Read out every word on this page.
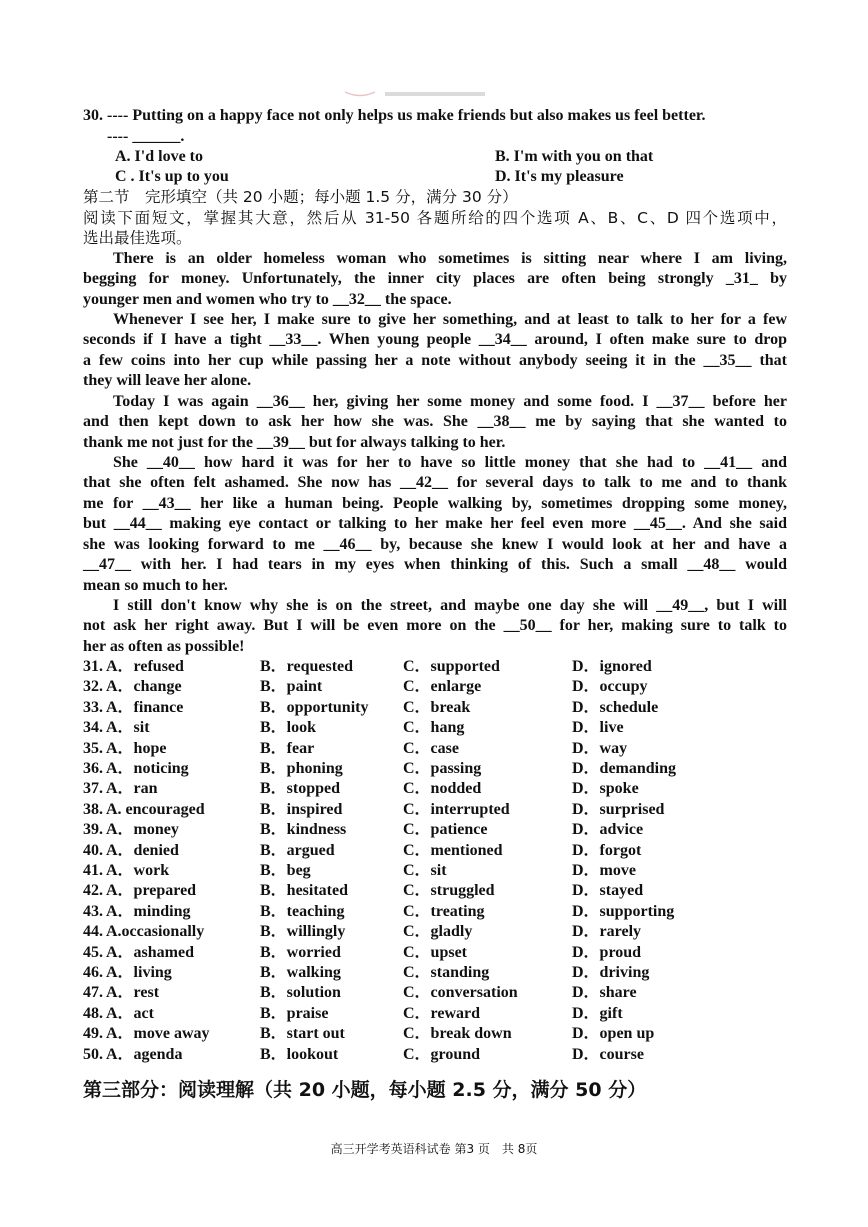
30. ---- Putting on a happy face not only helps us make friends but also makes us feel better.
---- ______.
A. I'd love to	B. I'm with you on that
C . It's up to you	D. It's my pleasure
第二节　完形填空（共 20 小题；每小题 1.5 分，满分 30 分）
阅读下面短文，掌握其大意，然后从 31-50 各题所给的四个选项 A、B、C、D 四个选项中，
选出最佳选项。
There is an older homeless woman who sometimes is sitting near where I am living,
begging for money. Unfortunately, the inner city places are often being strongly _31_ by
younger men and women who try to __32__ the space.
Whenever I see her, I make sure to give her something, and at least to talk to her for a few
seconds if I have a tight __33__. When young people __34__ around, I often make sure to drop
a few coins into her cup while passing her a note without anybody seeing it in the __35__ that
they will leave her alone.
Today I was again __36__ her, giving her some money and some food. I __37__ before her
and then kept down to ask her how she was. She __38__ me by saying that she wanted to
thank me not just for the __39__ but for always talking to her.
She __40__ how hard it was for her to have so little money that she had to __41__ and
that she often felt ashamed. She now has __42__ for several days to talk to me and to thank
me for __43__ her like a human being. People walking by, sometimes dropping some money,
but __44__ making eye contact or talking to her make her feel even more __45__. And she said
she was looking forward to me __46__ by, because she knew I would look at her and have a
__47__ with her. I had tears in my eyes when thinking of this. Such a small __48__ would
mean so much to her.
I still don't know why she is on the street, and maybe one day she will __49__, but I will
not ask her right away. But I will be even more on the __50__ for her, making sure to talk to
her as often as possible!
31. A．refused	B．requested	C．supported	D．ignored
32. A．change	B．paint	C．enlarge	D．occupy
33. A．finance	B．opportunity C．break	D．schedule
34. A．sit	B．look	C．hang	D．live
35. A．hope	B．fear	C．case	D．way
36. A．noticing	B．phoning	C．passing	D．demanding
37. A．ran	B．stopped	C．nodded	D．spoke
38. A. encouraged	B．inspired	C．interrupted	D．surprised
39. A．money	B．kindness	C．patience	D．advice
40. A．denied	B．argued	C．mentioned	D．forgot
41. A．work	B．beg	C．sit	D．move
42. A．prepared	B．hesitated	C．struggled	D．stayed
43. A．minding	B．teaching	C．treating	D．supporting
44. A.occasionally	B．willingly	C．gladly	D．rarely
45. A．ashamed	B．worried	C．upset	D．proud
46. A．living	B．walking	C．standing	D．driving
47. A．rest	B．solution	C．conversation	D．share
48. A．act	B．praise	C．reward	D．gift
49. A．move away	B．start out	C．break down	D．open up
50. A．agenda	B．lookout	C．ground	D．course
第三部分：阅读理解（共 20 小题，每小题 2.5 分，满分 50 分）
高三开学考英语科试卷 第3 页　共 8页
